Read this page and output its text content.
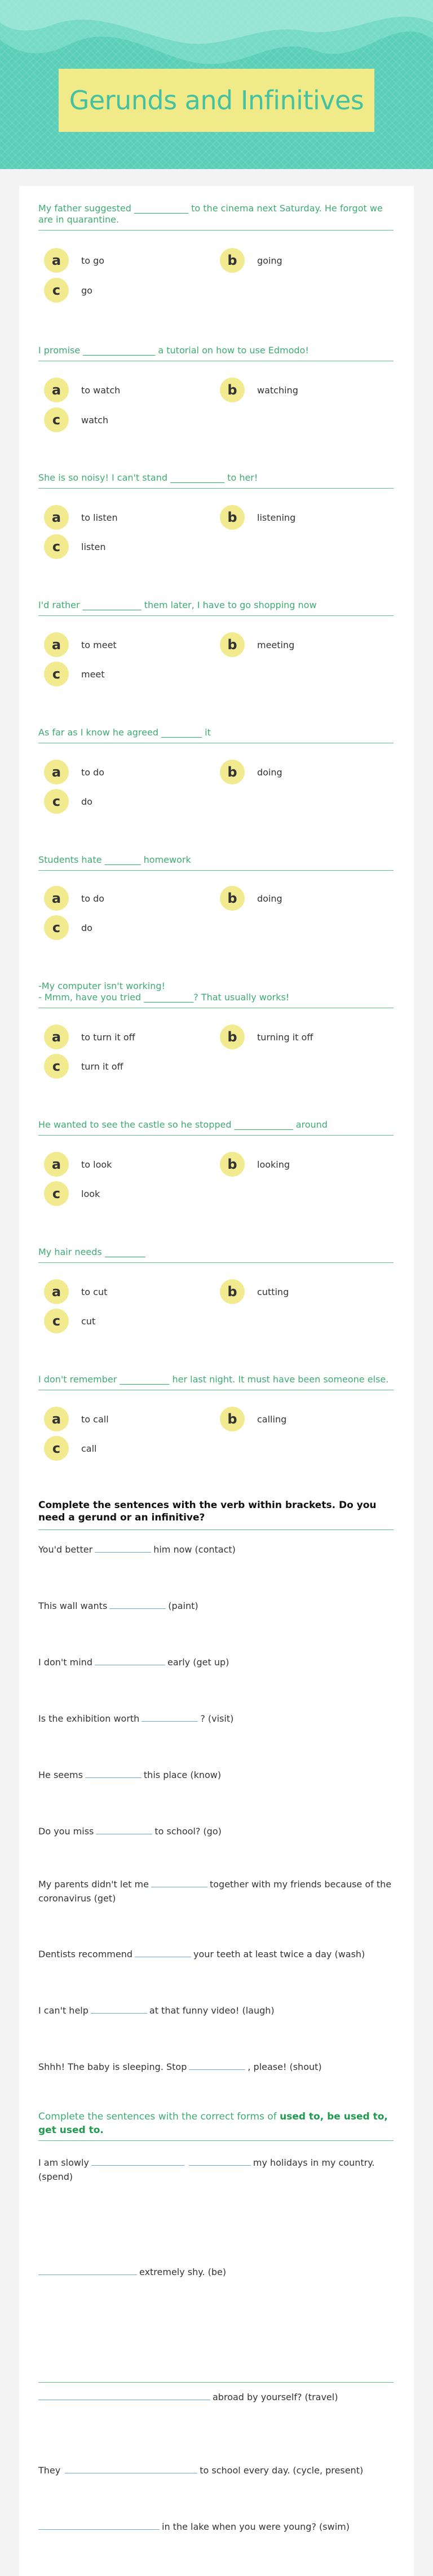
Gerunds and Infinitives
My father suggested ____________ to the cinema next Saturday. He forgot we are in quarantine.
a	to go	b	going
c	go
I promise ________________ a tutorial on how to use Edmodo!
a	to watch	b	watching
c	watch
She is so noisy! I can't stand ____________ to her!
a	to listen	b	listening
c	listen
I'd rather _____________ them later, I have to go shopping now
a	to meet	b	meeting
c	meet
As far as I know he agreed _________ it
a	to do	b	doing
c	do
Students hate ________ homework
a	to do	b	doing
c	do
-My computer isn't working!
- Mmm, have you tried ___________? That usually works!
a	to turn it off	b	turning it off
c	turn it off
He wanted to see the castle so he stopped _____________ around
a	to look	b	looking
c	look
My hair needs _________
a	to cut	b	cutting
c	cut
I don't remember ___________ her last night. It must have been someone else.
a	to call	b	calling
c	call
Complete the sentences with the verb within brackets. Do you need a gerund or an infinitive?
You'd better	him now (contact)
This wall wants	(paint)
I don't mind	early (get up)
Is the exhibition worth	? (visit)
He seems	this place (know)
Do you miss	to school? (go)
My parents didn't let me	together with my friends because of the coronavirus (get)
Dentists recommend	your teeth at least twice a day (wash)
I can't help	at that funny video! (laugh)
Shhh! The baby is sleeping. Stop	, please! (shout)
Complete the sentences with the correct forms of used to, be used to, get used to.
I am slowly	my holidays in my country. (spend)
extremely shy. (be)
abroad by yourself? (travel)
They	to school every day. (cycle, present)
in the lake when you were young? (swim)
